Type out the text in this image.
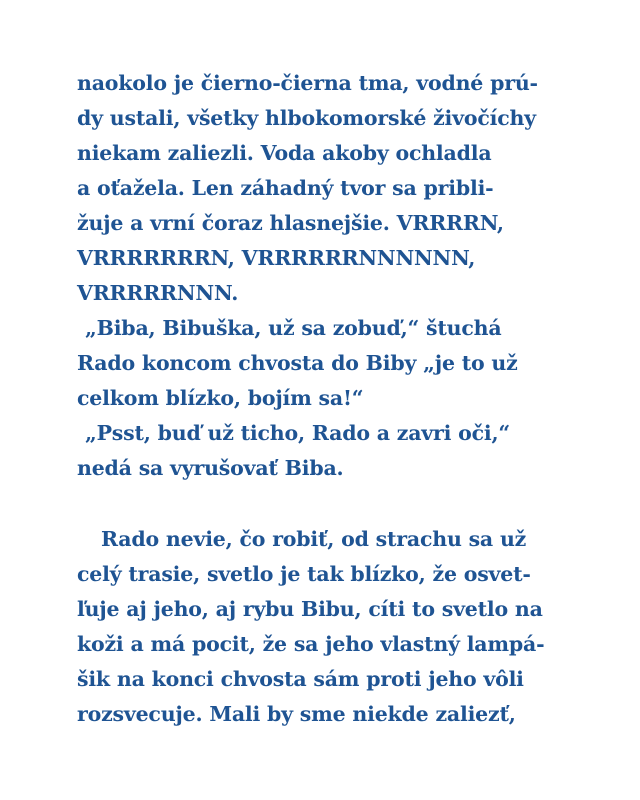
naokolo je čierno-čierna tma, vodné prú-
dy ustali, všetky hlbokomorské živočíchy
niekam zaliezli. Voda akoby ochladla
a oťažela. Len záhadný tvor sa pribli-
žuje a vrní čoraz hlasnejšie. VRRRRN,
VRRRRRRRN, VRRRRRRNNNNNN,
VRRRRRNNN.
„Biba, Bibuška, už sa zobuď,“ štuchá
Rado koncom chvosta do Biby „je to už
celkom blízko, bojím sa!“
„Psst, buď už ticho, Rado a zavri oči,“
nedá sa vyrušovať Biba.
Rado nevie, čo robiť, od strachu sa už
celý trasie, svetlo je tak blízko, že osvet-
ľuje aj jeho, aj rybu Bibu, cíti to svetlo na
koži a má pocit, že sa jeho vlastný lampá-
šik na konci chvosta sám proti jeho vôli
rozsvecuje. Mali by sme niekde zaliezť,
